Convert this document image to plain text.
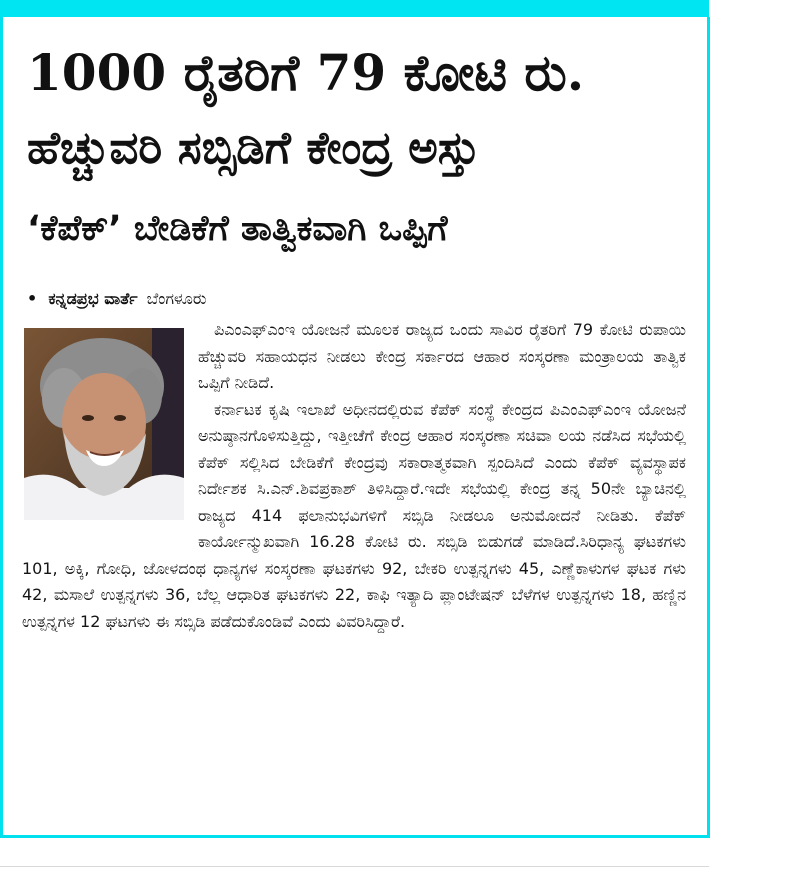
1000 ರೈತರಿಗೆ 79 ಕೋಟಿ ರು.
ಹೆಚ್ಚುವರಿ ಸಬ್ಸಿಡಿಗೆ ಕೇಂದ್ರ ಅಸ್ತು
‘ಕೆಪೆಕ್’ ಬೇಡಿಕೆಗೆ ತಾತ್ವಿಕವಾಗಿ ಒಪ್ಪಿಗೆ
• ಕನ್ನಡಪ್ರಭ ವಾರ್ತೆ ಬೆಂಗಳೂರು

ಪಿಎಂಎಫ್‌ಎಂಇ ಯೋಜನೆ ಮೂಲಕ ರಾಜ್ಯದ ಒಂದು ಸಾವಿರ ರೈತರಿಗೆ 79 ಕೋಟಿ ರುಪಾಯಿ ಹೆಚ್ಚುವರಿ ಸಹಾಯಧನ ನೀಡಲು ಕೇಂದ್ರ ಸರ್ಕಾರದ ಆಹಾರ ಸಂಸ್ಕರಣಾ ಮಂತ್ರಾಲಯ ತಾತ್ವಿಕ ಒಪ್ಪಿಗೆ ನೀಡಿದೆ.

ಕರ್ನಾಟಕ ಕೃಷಿ ಇಲಾಖೆ ಅಧೀನದಲ್ಲಿರುವ ಕೆಪೆಕ್ ಸಂಸ್ಥೆ ಕೇಂದ್ರದ ಪಿಎಂಎಫ್‌ಎಂಇ ಯೋಜನೆ ಅನುಷ್ಠಾನಗೊಳಿಸುತ್ತಿದ್ದು, ಇತ್ತೀಚೆಗೆ ಕೇಂದ್ರ ಆಹಾರ ಸಂಸ್ಕರಣಾ ಸಚಿವಾ ಲಯ ನಡೆಸಿದ ಸಭೆಯಲ್ಲಿ ಕೆಪೆಕ್ ಸಲ್ಲಿಸಿದ ಬೇಡಿಕೆಗೆ ಕೇಂದ್ರವು ಸಕಾರಾತ್ಮಕವಾಗಿ ಸ್ಪಂದಿಸಿದೆ ಎಂದು ಕೆಪೆಕ್ ವ್ಯವಸ್ಥಾಪಕ ನಿರ್ದೇಶಕ ಸಿ.ಎನ್.ಶಿವಪ್ರಕಾಶ್ ತಿಳಿಸಿದ್ದಾರೆ.ಇದೇ ಸಭೆಯಲ್ಲಿ ಕೇಂದ್ರ ತನ್ನ 50ನೇ ಬ್ಯಾಚಿನಲ್ಲಿ ರಾಜ್ಯದ 414 ಫಲಾನುಭವಿಗಳಿಗೆ ಸಬ್ಸಿಡಿ ನೀಡಲೂ ಅನುಮೋದನೆ ನೀಡಿತು. ಕೆಪೆಕ್ ಕಾರ್ಯೋನ್ಮುಖವಾಗಿ 16.28 ಕೋಟಿ ರು. ಸಬ್ಸಿಡಿ ಬಿಡುಗಡೆ ಮಾಡಿದೆ.ಸಿರಿಧಾನ್ಯ ಘಟಕಗಳು 101, ಅಕ್ಕಿ, ಗೋಧಿ, ಜೋಳದಂಥ ಧಾನ್ಯಗಳ ಸಂಸ್ಕರಣಾ ಘಟಕಗಳು 92, ಬೇಕರಿ ಉತ್ಪನ್ನಗಳು 45, ಎಣ್ಣೆಕಾಳುಗಳ ಘಟಕ ಗಳು 42, ಮಸಾಲೆ ಉತ್ಪನ್ನಗಳು 36, ಬೆಲ್ಲ ಆಧಾರಿತ ಘಟಕಗಳು 22, ಕಾಫಿ ಇತ್ಯಾದಿ ಪ್ಲಾಂಟೇಷನ್ ಬೆಳೆಗಳ ಉತ್ಪನ್ನಗಳು 18, ಹಣ್ಣಿನ ಉತ್ಪನ್ನಗಳ 12 ಘಟಗಳು ಈ ಸಬ್ಸಿಡಿ ಪಡೆದುಕೊಂಡಿವೆ ಎಂದು ವಿವರಿಸಿದ್ದಾರೆ.
